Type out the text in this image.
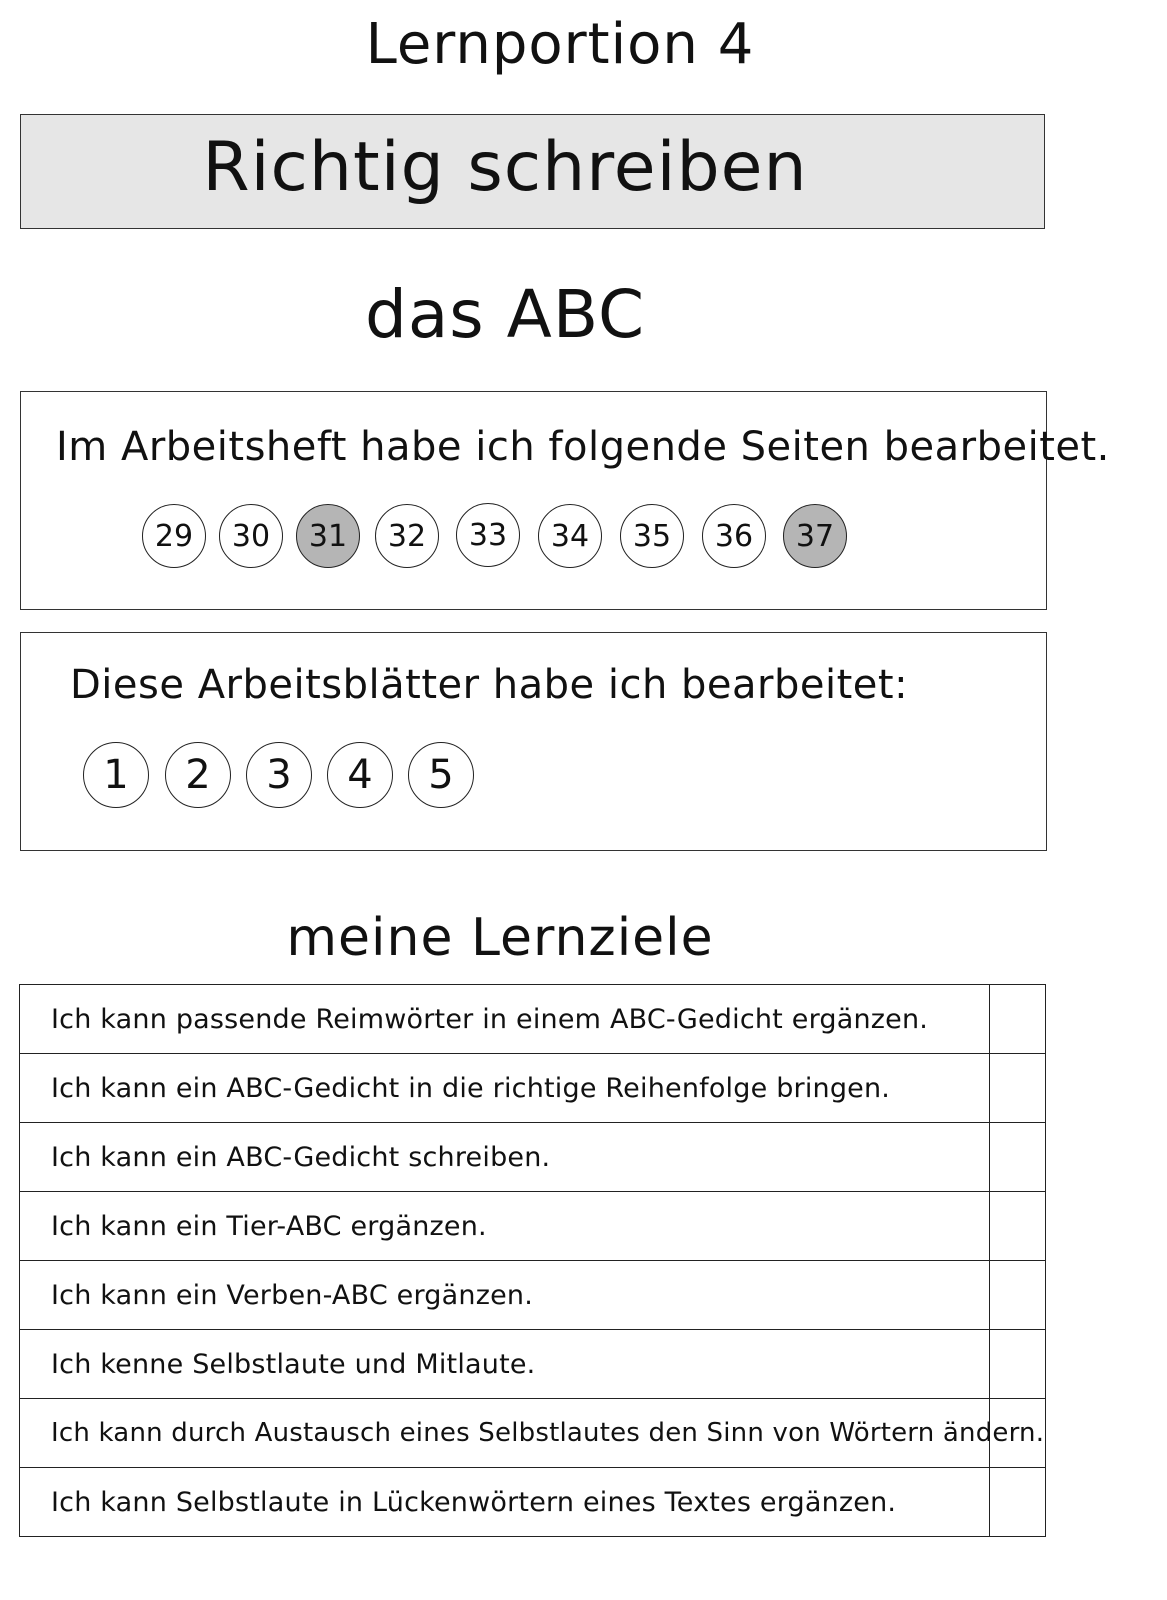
Lernportion 4
Richtig schreiben
das ABC
Im Arbeitsheft habe ich folgende Seiten bearbeitet.
29	30	31	32	33	34	35	36	37
Diese Arbeitsblätter habe ich bearbeitet:
1	2	3	4	5
meine Lernziele
Ich kann passende Reimwörter in einem ABC-Gedicht ergänzen.	
Ich kann ein ABC-Gedicht in die richtige Reihenfolge bringen.	
Ich kann ein ABC-Gedicht schreiben.	
Ich kann ein Tier-ABC ergänzen.	
Ich kann ein Verben-ABC ergänzen.	
Ich kenne Selbstlaute und Mitlaute.	
Ich kann durch Austausch eines Selbstlautes den Sinn von Wörtern ändern.	
Ich kann Selbstlaute in Lückenwörtern eines Textes ergänzen.	
